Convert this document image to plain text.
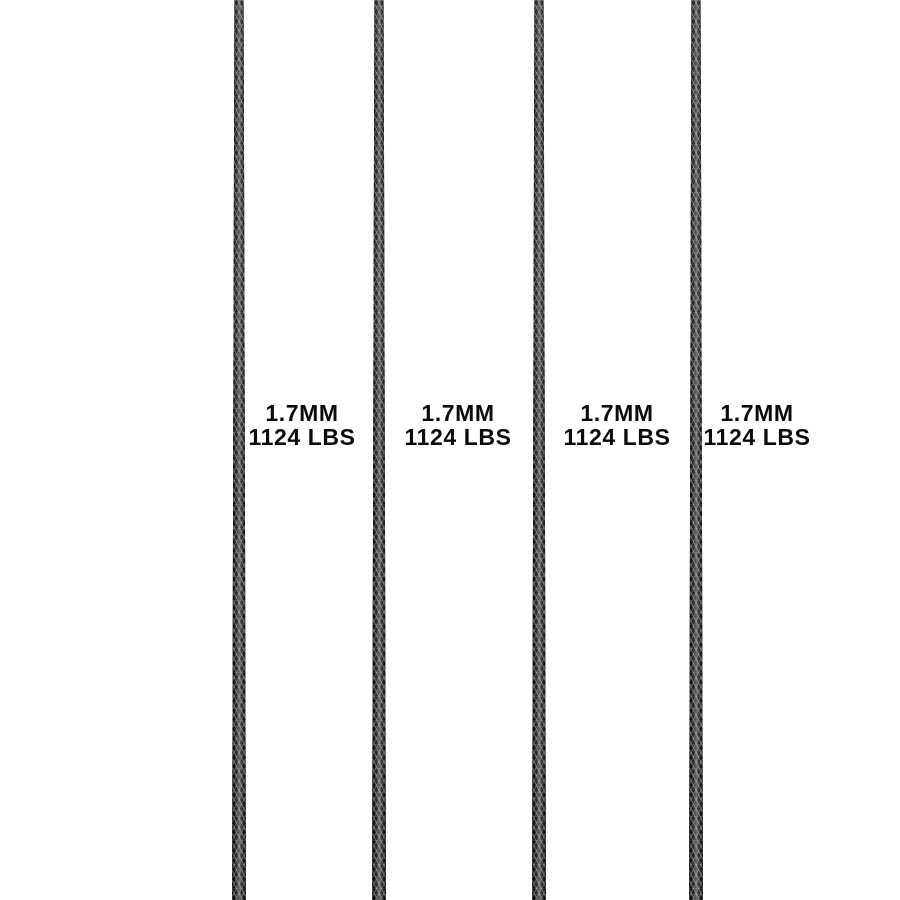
1.7MM
1124 LBS
1.7MM
1124 LBS
1.7MM
1124 LBS
1.7MM
1124 LBS
